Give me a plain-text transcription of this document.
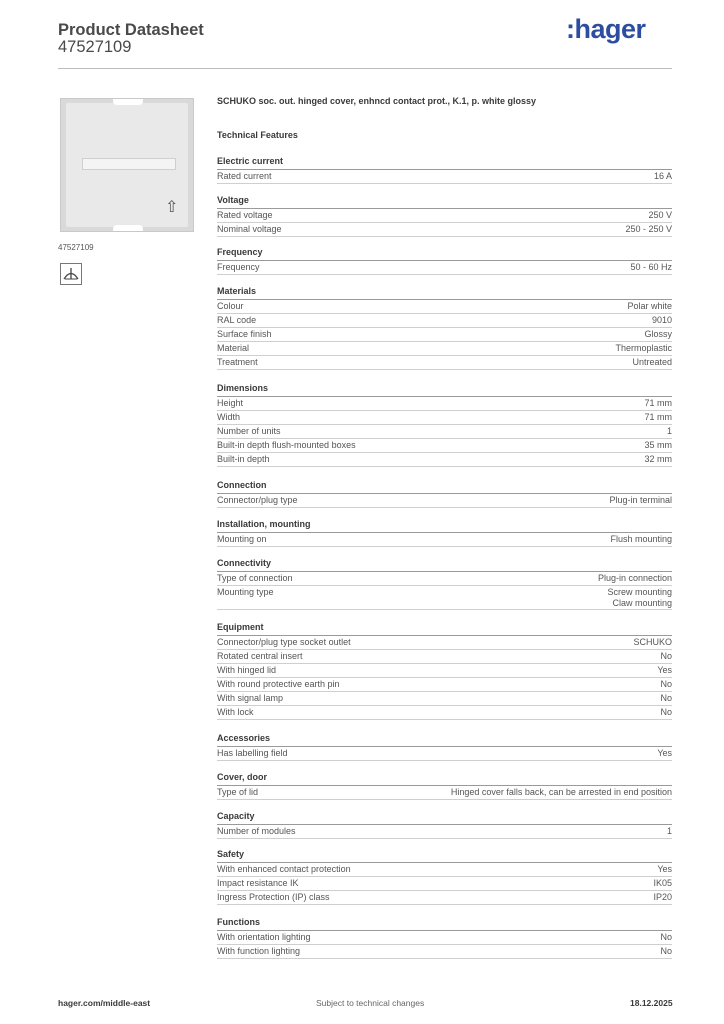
Product Datasheet
47527109
:hager
⇧
47527109
SCHUKO soc. out. hinged cover, enhncd contact prot., K.1, p. white glossy
Technical Features
Electric current
Rated current	16 A
Voltage
Rated voltage	250 V
Nominal voltage	250 - 250 V
Frequency
Frequency	50 - 60 Hz
Materials
Colour	Polar white
RAL code	9010
Surface finish	Glossy
Material	Thermoplastic
Treatment	Untreated
Dimensions
Height	71 mm
Width	71 mm
Number of units	1
Built-in depth flush-mounted boxes	35 mm
Built-in depth	32 mm
Connection
Connector/plug type	Plug-in terminal
Installation, mounting
Mounting on	Flush mounting
Connectivity
Type of connection	Plug-in connection
Mounting type	Screw mounting
Claw mounting
Equipment
Connector/plug type socket outlet	SCHUKO
Rotated central insert	No
With hinged lid	Yes
With round protective earth pin	No
With signal lamp	No
With lock	No
Accessories
Has labelling field	Yes
Cover, door
Type of lid	Hinged cover falls back, can be arrested in end position
Capacity
Number of modules	1
Safety
With enhanced contact protection	Yes
Impact resistance IK	IK05
Ingress Protection (IP) class	IP20
Functions
With orientation lighting	No
With function lighting	No
hager.com/middle-east	Subject to technical changes	18.12.2025
